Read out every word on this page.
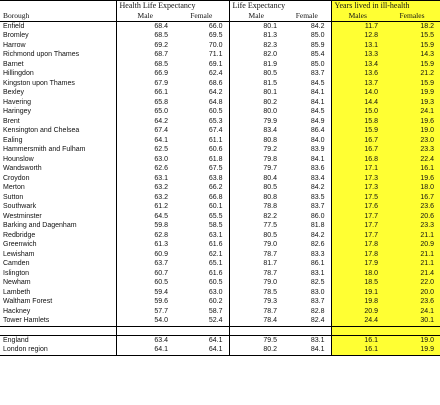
	Health Life Expectancy		Life Expectancy		Years lived in ill-health	
Borough	Male	Female	Male	Female	Males	Females
Enfield	68.4	66.0	80.1	84.2	11.7	18.2
Bromley	68.5	69.5	81.3	85.0	12.8	15.5
Harrow	69.2	70.0	82.3	85.9	13.1	15.9
Richmond upon Thames	68.7	71.1	82.0	85.4	13.3	14.3
Barnet	68.5	69.1	81.9	85.0	13.4	15.9
Hillingdon	66.9	62.4	80.5	83.7	13.6	21.2
Kingston upon Thames	67.9	68.6	81.5	84.5	13.7	15.9
Bexley	66.1	64.2	80.1	84.1	14.0	19.9
Havering	65.8	64.8	80.2	84.1	14.4	19.3
Haringey	65.0	60.5	80.0	84.5	15.0	24.1
Brent	64.2	65.3	79.9	84.9	15.8	19.6
Kensington and Chelsea	67.4	67.4	83.4	86.4	15.9	19.0
Ealing	64.1	61.1	80.8	84.0	16.7	23.0
Hammersmith and Fulham	62.5	60.6	79.2	83.9	16.7	23.3
Hounslow	63.0	61.8	79.8	84.1	16.8	22.4
Wandsworth	62.6	67.5	79.7	83.6	17.1	16.1
Croydon	63.1	63.8	80.4	83.4	17.3	19.6
Merton	63.2	66.2	80.5	84.2	17.3	18.0
Sutton	63.2	66.8	80.8	83.5	17.5	16.7
Southwark	61.2	60.1	78.8	83.7	17.6	23.6
Westminster	64.5	65.5	82.2	86.0	17.7	20.6
Barking and Dagenham	59.8	58.5	77.5	81.8	17.7	23.3
Redbridge	62.8	63.1	80.5	84.2	17.7	21.1
Greenwich	61.3	61.6	79.0	82.6	17.8	20.9
Lewisham	60.9	62.1	78.7	83.3	17.8	21.1
Camden	63.7	65.1	81.7	86.1	17.9	21.1
Islington	60.7	61.6	78.7	83.1	18.0	21.4
Newham	60.5	60.5	79.0	82.5	18.5	22.0
Lambeth	59.4	63.0	78.5	83.0	19.1	20.0
Waltham Forest	59.6	60.2	79.3	83.7	19.8	23.6
Hackney	57.7	58.7	78.7	82.8	20.9	24.1
Tower Hamlets	54.0	52.4	78.4	82.4	24.4	30.1

England	63.4	64.1	79.5	83.1	16.1	19.0
London region	64.1	64.1	80.2	84.1	16.1	19.9
